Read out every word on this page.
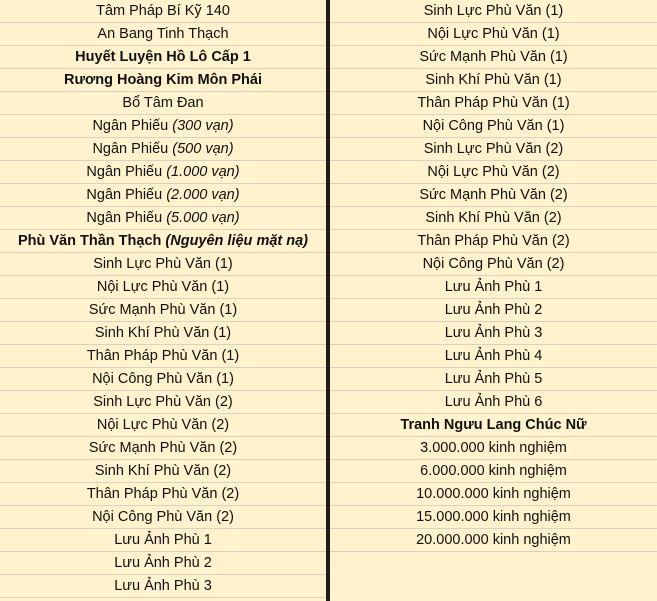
Tâm Pháp Bí Kỹ 140
An Bang Tinh Thạch
Huyết Luyện Hồ Lô Cấp 1
Rương Hoàng Kim Môn Phái
Bổ Tâm Đan
Ngân Phiếu (300 vạn)
Ngân Phiếu (500 vạn)
Ngân Phiếu (1.000 vạn)
Ngân Phiếu (2.000 vạn)
Ngân Phiếu (5.000 vạn)
Phù Văn Thần Thạch (Nguyên liệu mặt nạ)
Sinh Lực Phù Văn (1)
Nội Lực Phù Văn (1)
Sức Mạnh Phù Văn (1)
Sinh Khí Phù Văn (1)
Thân Pháp Phù Văn (1)
Nội Công Phù Văn (1)
Sinh Lực Phù Văn (2)
Nội Lực Phù Văn (2)
Sức Mạnh Phù Văn (2)
Sinh Khí Phù Văn (2)
Thân Pháp Phù Văn (2)
Nội Công Phù Văn (2)
Lưu Ảnh Phù 1
Lưu Ảnh Phù 2
Lưu Ảnh Phù 3
Sinh Lực Phù Văn (1)
Nội Lực Phù Văn (1)
Sức Mạnh Phù Văn (1)
Sinh Khí Phù Văn (1)
Thân Pháp Phù Văn (1)
Nội Công Phù Văn (1)
Sinh Lực Phù Văn (2)
Nội Lực Phù Văn (2)
Sức Mạnh Phù Văn (2)
Sinh Khí Phù Văn (2)
Thân Pháp Phù Văn (2)
Nội Công Phù Văn (2)
Lưu Ảnh Phù 1
Lưu Ảnh Phù 2
Lưu Ảnh Phù 3
Lưu Ảnh Phù 4
Lưu Ảnh Phù 5
Lưu Ảnh Phù 6
Tranh Ngưu Lang Chúc Nữ
3.000.000 kinh nghiệm
6.000.000 kinh nghiệm
10.000.000 kinh nghiệm
15.000.000 kinh nghiệm
20.000.000 kinh nghiệm
